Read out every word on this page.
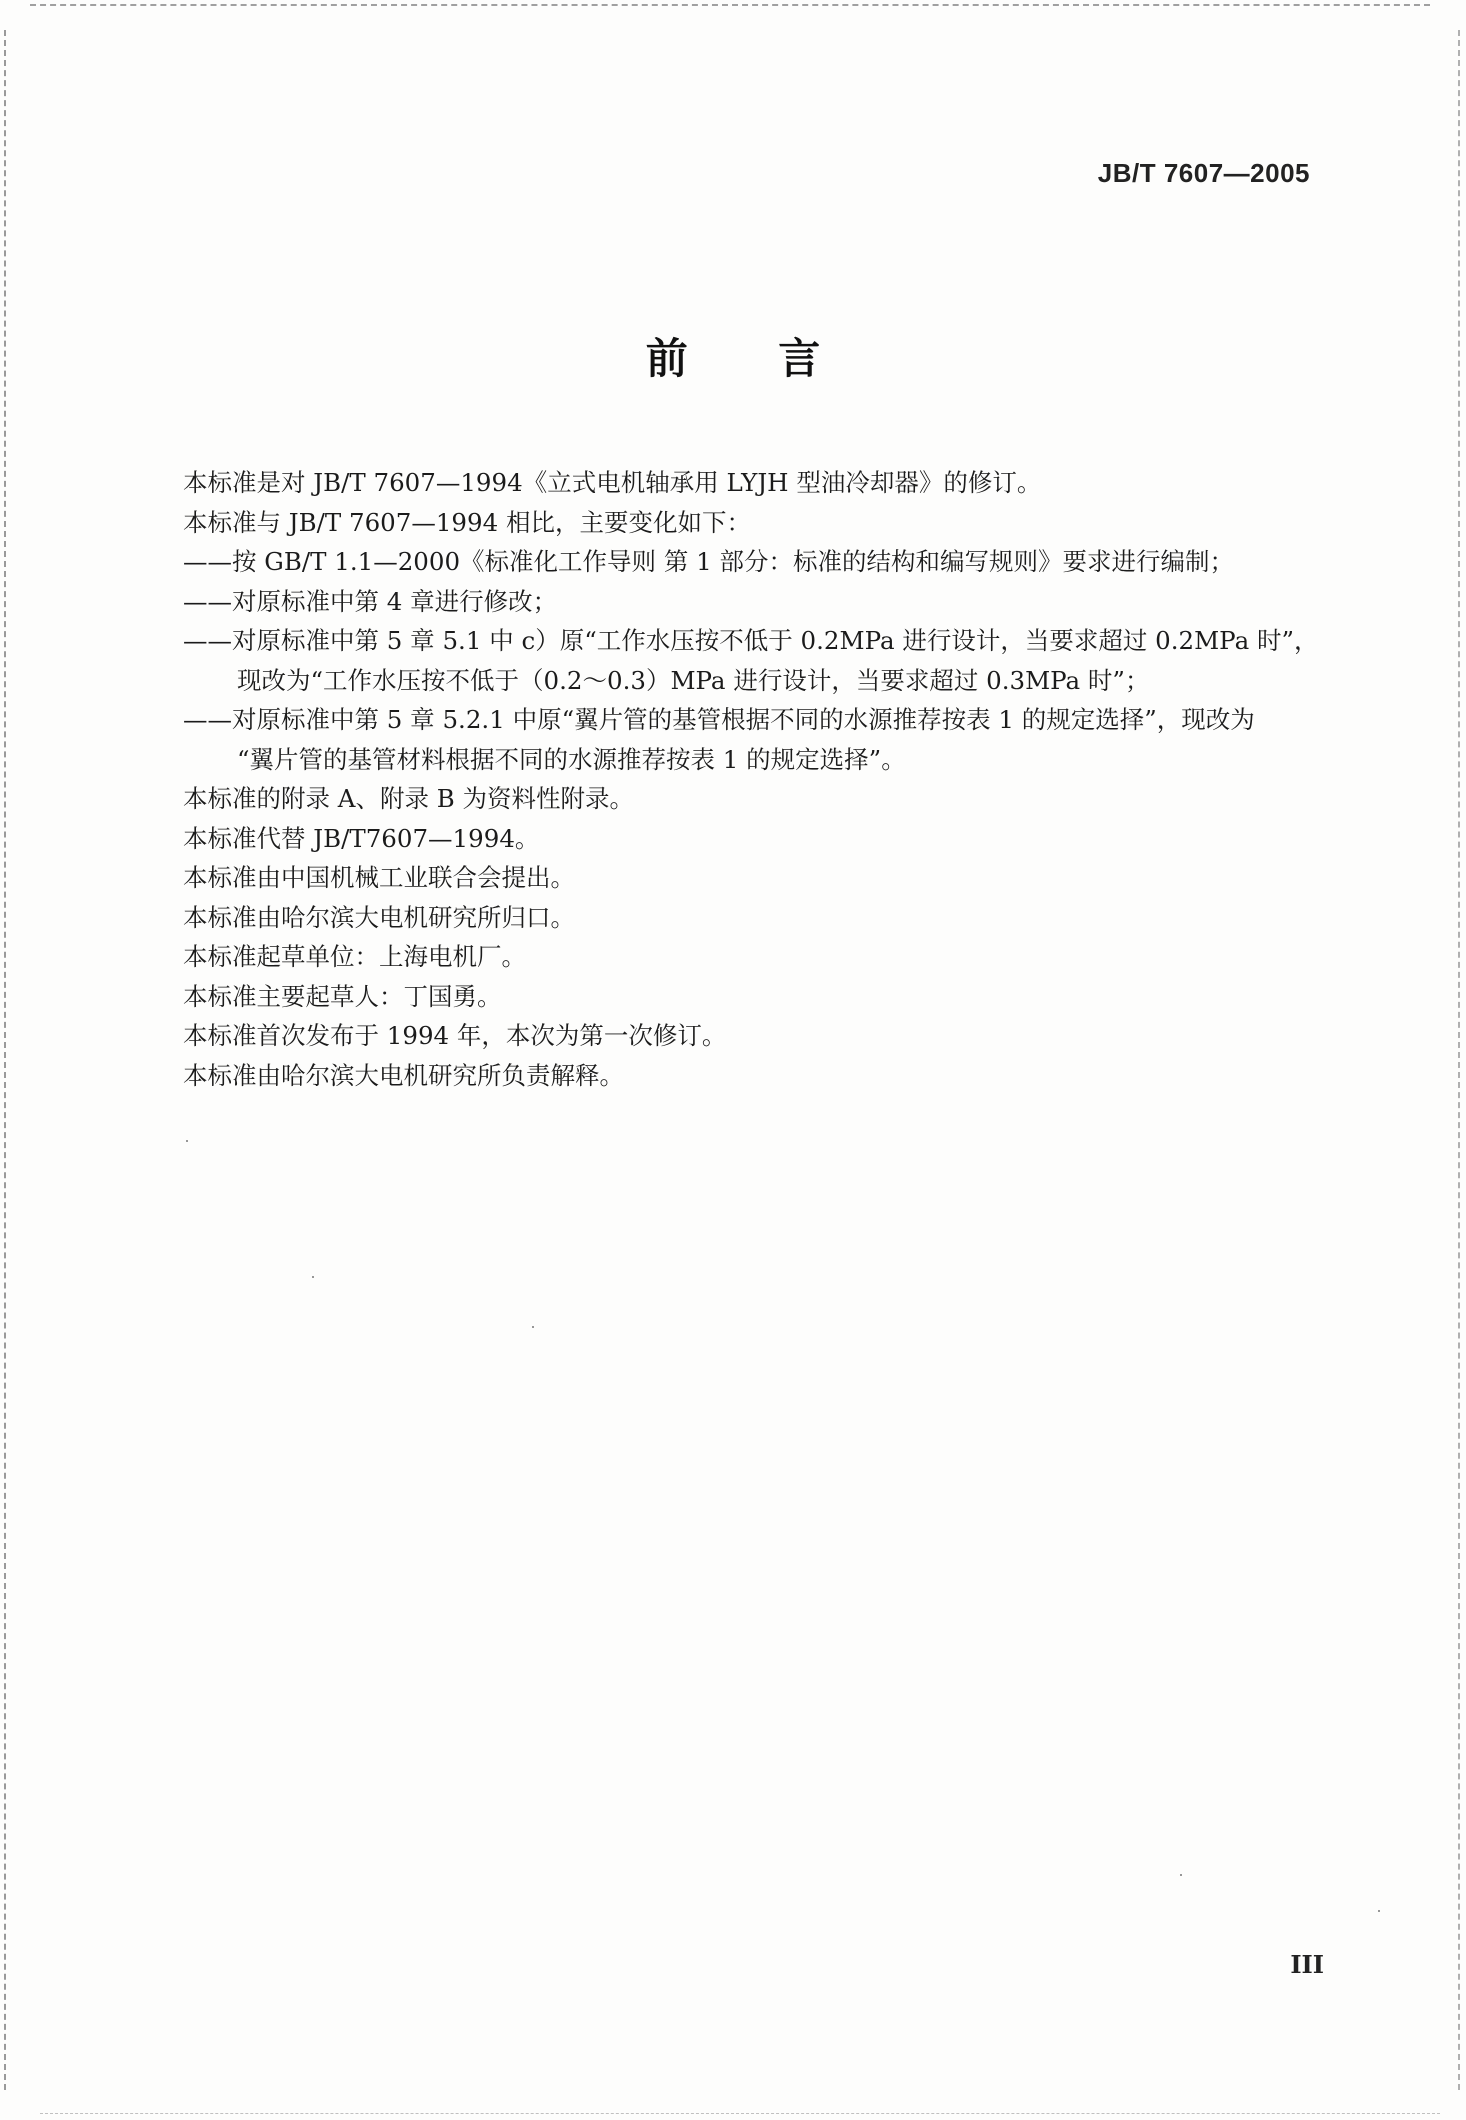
JB/T 7607—2005
前 言
本标准是对 JB/T 7607—1994《立式电机轴承用 LYJH 型油冷却器》的修订。
本标准与 JB/T 7607—1994 相比，主要变化如下：
——按 GB/T 1.1—2000《标准化工作导则 第 1 部分：标准的结构和编写规则》要求进行编制；
——对原标准中第 4 章进行修改；
——对原标准中第 5 章 5.1 中 c）原“工作水压按不低于 0.2MPa 进行设计，当要求超过 0.2MPa 时”，
现改为“工作水压按不低于（0.2～0.3）MPa 进行设计，当要求超过 0.3MPa 时”；
——对原标准中第 5 章 5.2.1 中原“翼片管的基管根据不同的水源推荐按表 1 的规定选择”，现改为
“翼片管的基管材料根据不同的水源推荐按表 1 的规定选择”。
本标准的附录 A、附录 B 为资料性附录。
本标准代替 JB/T7607—1994。
本标准由中国机械工业联合会提出。
本标准由哈尔滨大电机研究所归口。
本标准起草单位：上海电机厂。
本标准主要起草人：丁国勇。
本标准首次发布于 1994 年，本次为第一次修订。
本标准由哈尔滨大电机研究所负责解释。
III
